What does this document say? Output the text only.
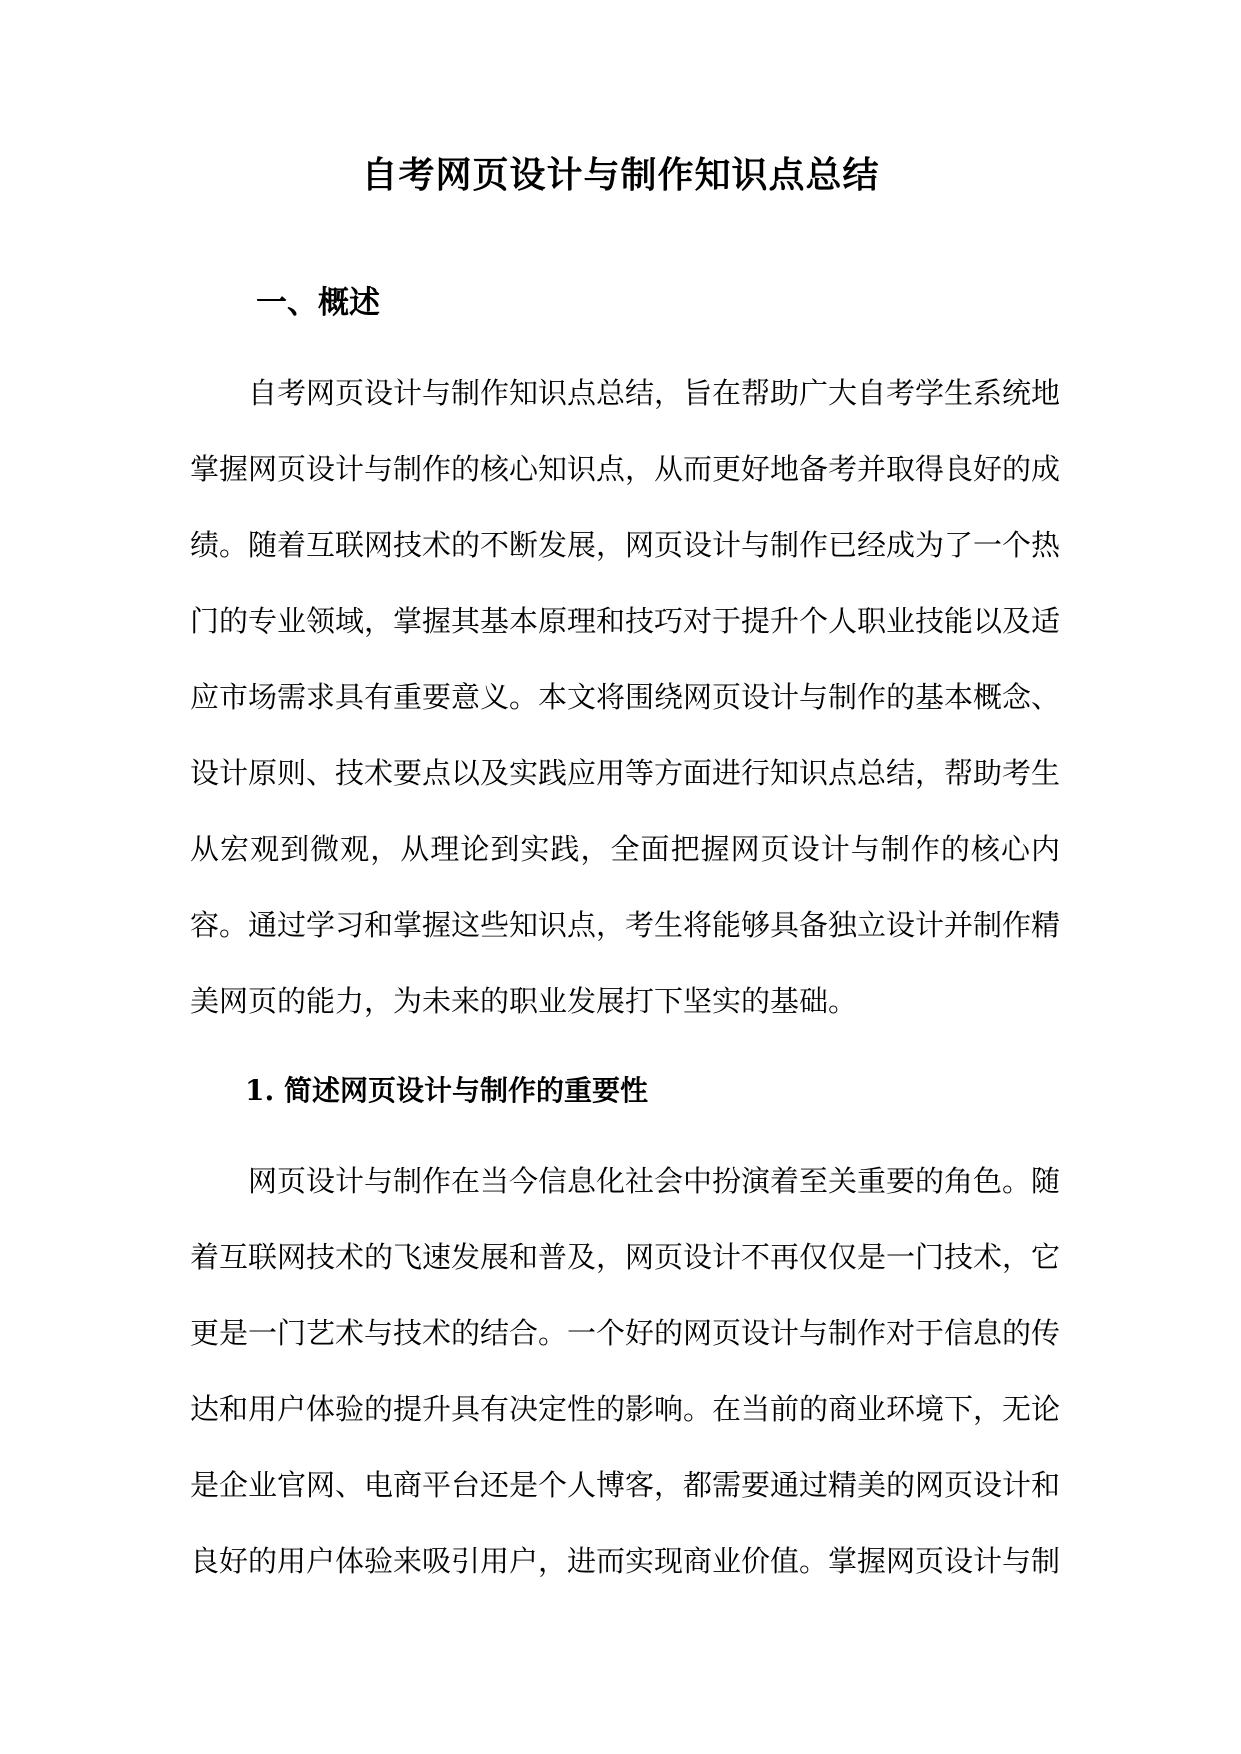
自考网页设计与制作知识点总结
一、概述

自考网页设计与制作知识点总结，旨在帮助广大自考学生系统地掌握网页设计与制作的核心知识点，从而更好地备考并取得良好的成绩。随着互联网技术的不断发展，网页设计与制作已经成为了一个热门的专业领域，掌握其基本原理和技巧对于提升个人职业技能以及适应市场需求具有重要意义。本文将围绕网页设计与制作的基本概念、设计原则、技术要点以及实践应用等方面进行知识点总结，帮助考生从宏观到微观，从理论到实践，全面把握网页设计与制作的核心内容。通过学习和掌握这些知识点，考生将能够具备独立设计并制作精美网页的能力，为未来的职业发展打下坚实的基础。

1. 简述网页设计与制作的重要性

网页设计与制作在当今信息化社会中扮演着至关重要的角色。随着互联网技术的飞速发展和普及，网页设计不再仅仅是一门技术，它更是一门艺术与技术的结合。一个好的网页设计与制作对于信息的传达和用户体验的提升具有决定性的影响。在当前的商业环境下，无论是企业官网、电商平台还是个人博客，都需要通过精美的网页设计和良好的用户体验来吸引用户，进而实现商业价值。掌握网页设计与制
